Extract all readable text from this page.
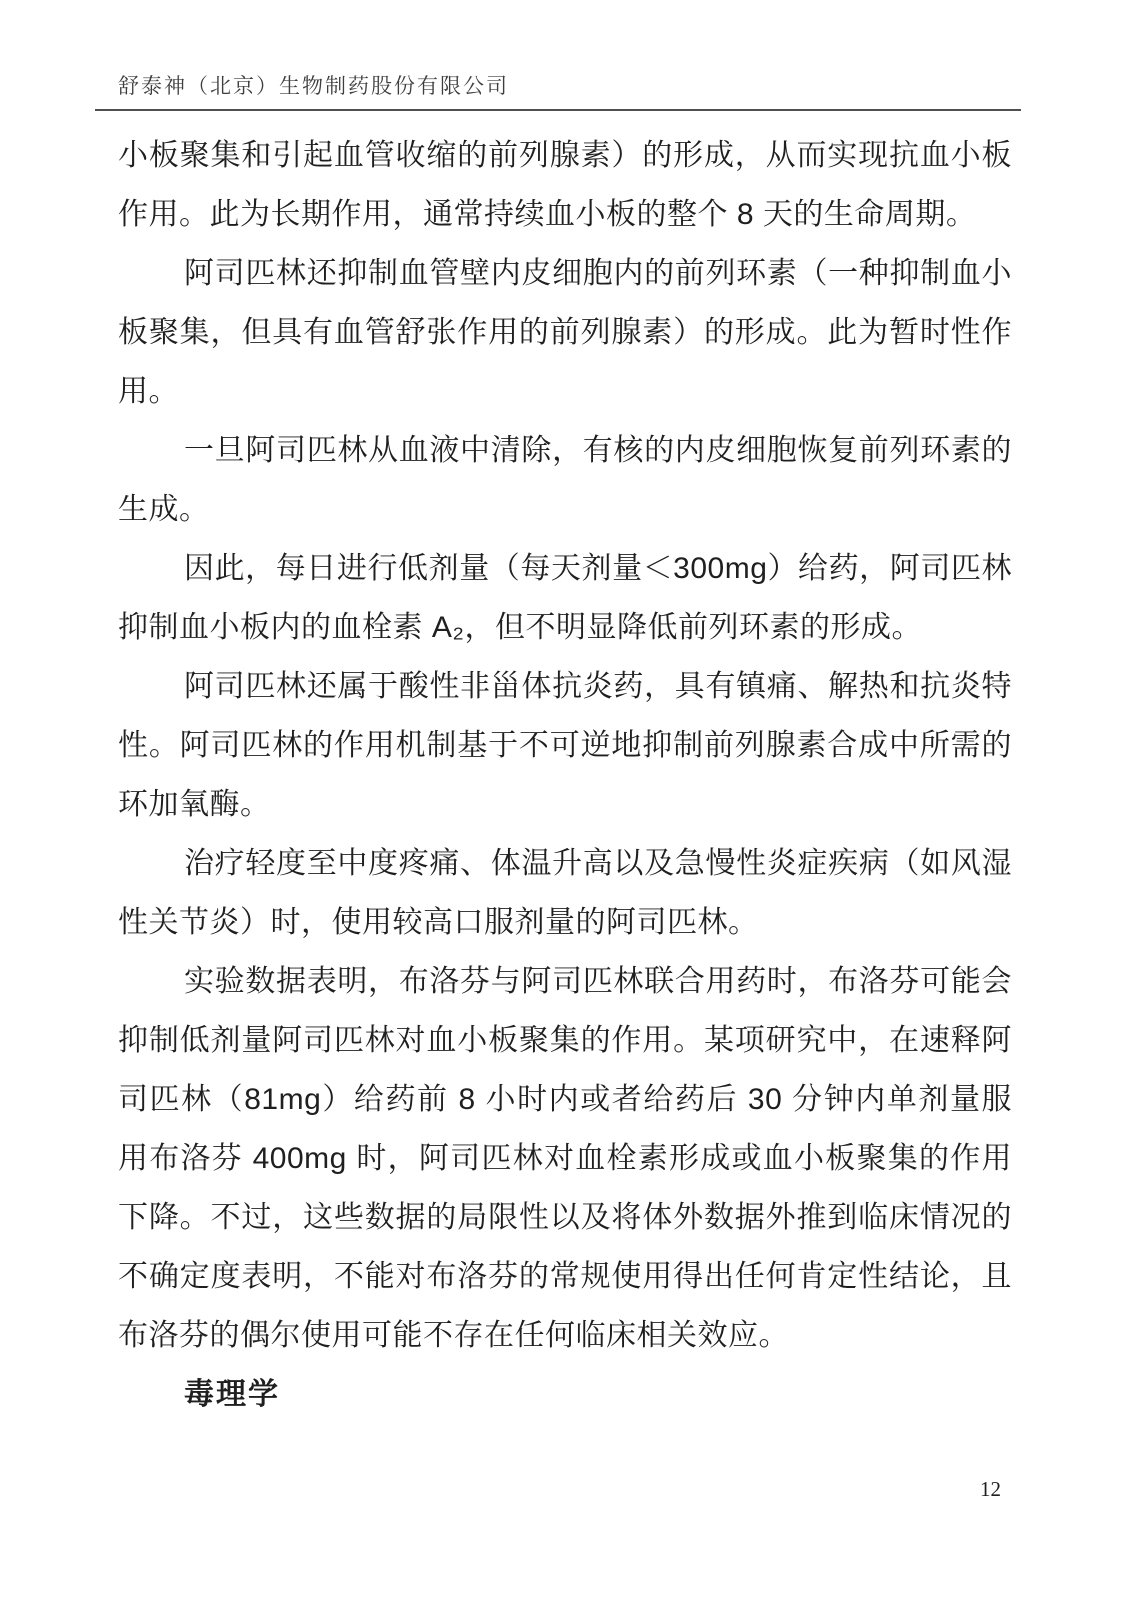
舒泰神（北京）生物制药股份有限公司

小板聚集和引起血管收缩的前列腺素）的形成，从而实现抗血小板作用。此为长期作用，通常持续血小板的整个 8 天的生命周期。

阿司匹林还抑制血管壁内皮细胞内的前列环素（一种抑制血小板聚集，但具有血管舒张作用的前列腺素）的形成。此为暂时性作用。

一旦阿司匹林从血液中清除，有核的内皮细胞恢复前列环素的生成。

因此，每日进行低剂量（每天剂量＜300mg）给药，阿司匹林抑制血小板内的血栓素 A₂，但不明显降低前列环素的形成。

阿司匹林还属于酸性非甾体抗炎药，具有镇痛、解热和抗炎特性。阿司匹林的作用机制基于不可逆地抑制前列腺素合成中所需的环加氧酶。

治疗轻度至中度疼痛、体温升高以及急慢性炎症疾病（如风湿性关节炎）时，使用较高口服剂量的阿司匹林。

实验数据表明，布洛芬与阿司匹林联合用药时，布洛芬可能会抑制低剂量阿司匹林对血小板聚集的作用。某项研究中，在速释阿司匹林（81mg）给药前 8 小时内或者给药后 30 分钟内单剂量服用布洛芬 400mg 时，阿司匹林对血栓素形成或血小板聚集的作用下降。不过，这些数据的局限性以及将体外数据外推到临床情况的不确定度表明，不能对布洛芬的常规使用得出任何肯定性结论，且布洛芬的偶尔使用可能不存在任何临床相关效应。

毒理学
12
